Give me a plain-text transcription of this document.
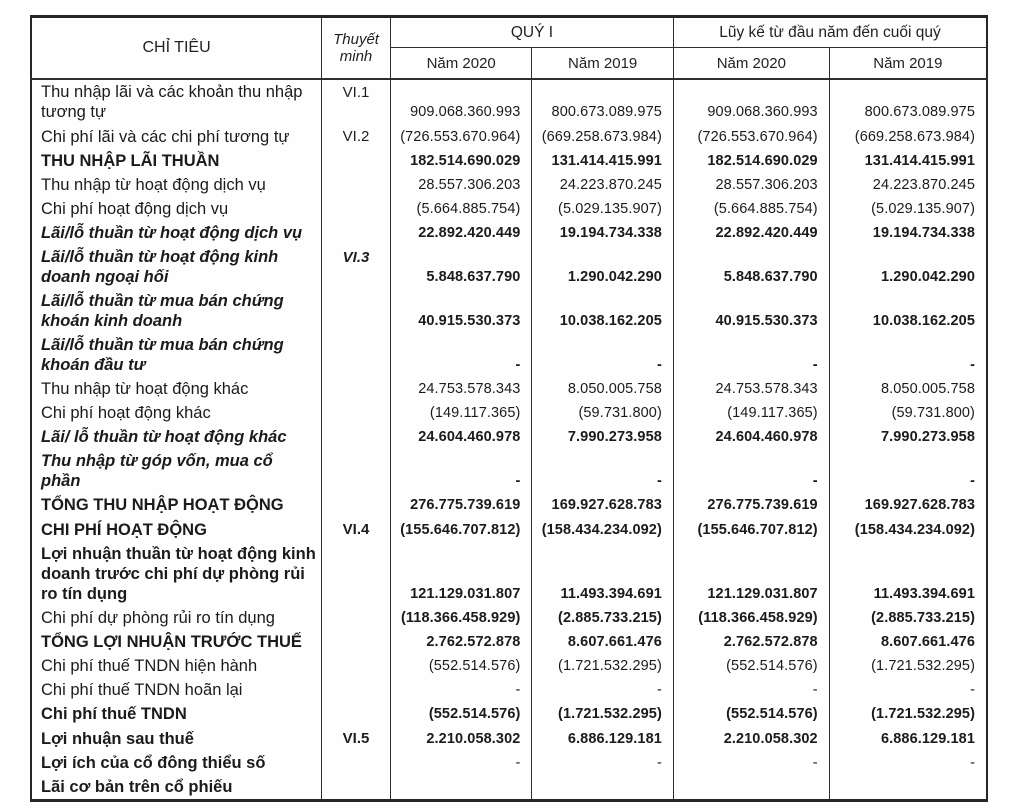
CHỈ TIÊU	Thuyết minh	QUÝ I		Lũy kế từ đầu năm đến cuối quý	
		Năm 2020	Năm 2019	Năm 2020	Năm 2019
Thu nhập lãi và các khoản thu nhập tương tự	VI.1	909.068.360.993	800.673.089.975	909.068.360.993	800.673.089.975
Chi phí lãi và các chi phí tương tự	VI.2	(726.553.670.964)	(669.258.673.984)	(726.553.670.964)	(669.258.673.984)
THU NHẬP LÃI THUẦN		182.514.690.029	131.414.415.991	182.514.690.029	131.414.415.991
Thu nhập từ hoạt động dịch vụ		28.557.306.203	24.223.870.245	28.557.306.203	24.223.870.245
Chi phí hoạt động dịch vụ		(5.664.885.754)	(5.029.135.907)	(5.664.885.754)	(5.029.135.907)
Lãi/lỗ thuần từ hoạt động dịch vụ		22.892.420.449	19.194.734.338	22.892.420.449	19.194.734.338
Lãi/lỗ thuần từ hoạt động kinh doanh ngoại hối	VI.3	5.848.637.790	1.290.042.290	5.848.637.790	1.290.042.290
Lãi/lỗ thuần từ mua bán chứng khoán kinh doanh		40.915.530.373	10.038.162.205	40.915.530.373	10.038.162.205
Lãi/lỗ thuần từ mua bán chứng khoán đầu tư		-	-	-	-
Thu nhập từ hoạt động khác		24.753.578.343	8.050.005.758	24.753.578.343	8.050.005.758
Chi phí hoạt động khác		(149.117.365)	(59.731.800)	(149.117.365)	(59.731.800)
Lãi/ lỗ thuần từ hoạt động khác		24.604.460.978	7.990.273.958	24.604.460.978	7.990.273.958
Thu nhập từ góp vốn, mua cổ phần		-	-	-	-
TỔNG THU NHẬP HOẠT ĐỘNG		276.775.739.619	169.927.628.783	276.775.739.619	169.927.628.783
CHI PHÍ HOẠT ĐỘNG	VI.4	(155.646.707.812)	(158.434.234.092)	(155.646.707.812)	(158.434.234.092)
Lợi nhuận thuần từ hoạt động kinh doanh trước chi phí dự phòng rủi ro tín dụng		121.129.031.807	11.493.394.691	121.129.031.807	11.493.394.691
Chi phí dự phòng rủi ro tín dụng		(118.366.458.929)	(2.885.733.215)	(118.366.458.929)	(2.885.733.215)
TỔNG LỢI NHUẬN TRƯỚC THUẾ		2.762.572.878	8.607.661.476	2.762.572.878	8.607.661.476
Chi phí thuế TNDN hiện hành		(552.514.576)	(1.721.532.295)	(552.514.576)	(1.721.532.295)
Chi phí thuế TNDN hoãn lại		-	-	-	-
Chi phí thuế TNDN		(552.514.576)	(1.721.532.295)	(552.514.576)	(1.721.532.295)
Lợi nhuận sau thuế	VI.5	2.210.058.302	6.886.129.181	2.210.058.302	6.886.129.181
Lợi ích của cổ đông thiểu số		-	-	-	-
Lãi cơ bản trên cổ phiếu					
